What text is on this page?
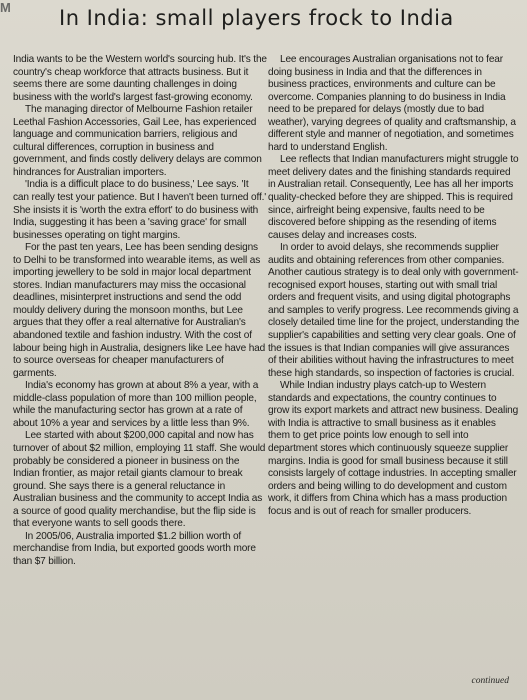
M In India: small players frock to India

India wants to be the Western world's sourcing hub. It's the country's cheap workforce that attracts business. But it seems there are some daunting challenges in doing business with the world's largest fast-growing economy.

The managing director of Melbourne Fashion retailer Leethal Fashion Accessories, Gail Lee, has experienced language and communication barriers, religious and cultural differences, corruption in business and government, and finds costly delivery delays are common hindrances for Australian importers.

'India is a difficult place to do business,' Lee says. 'It can really test your patience. But I haven't been turned off.' She insists it is 'worth the extra effort' to do business with India, suggesting it has been a 'saving grace' for small businesses operating on tight margins.

For the past ten years, Lee has been sending designs to Delhi to be transformed into wearable items, as well as importing jewellery to be sold in major local department stores. Indian manufacturers may miss the occasional deadlines, misinterpret instructions and send the odd mouldy delivery during the monsoon months, but Lee argues that they offer a real alternative for Australian's abandoned textile and fashion industry. With the cost of labour being high in Australia, designers like Lee have had to source overseas for cheaper manufacturers of garments.

India's economy has grown at about 8% a year, with a middle-class population of more than 100 million people, while the manufacturing sector has grown at a rate of about 10% a year and services by a little less than 9%.

Lee started with about $200,000 capital and now has turnover of about $2 million, employing 11 staff. She would probably be considered a pioneer in business on the Indian frontier, as major retail giants clamour to break ground. She says there is a general reluctance in Australian business and the community to accept India as a source of good quality merchandise, but the flip side is that everyone wants to sell goods there.

In 2005/06, Australia imported $1.2 billion worth of merchandise from India, but exported goods worth more than $7 billion.

Lee encourages Australian organisations not to fear doing business in India and that the differences in business practices, environments and culture can be overcome. Companies planning to do business in India need to be prepared for delays (mostly due to bad weather), varying degrees of quality and craftsmanship, a different style and manner of negotiation, and sometimes hard to understand English.

Lee reflects that Indian manufacturers might struggle to meet delivery dates and the finishing standards required in Australian retail. Consequently, Lee has all her imports quality-checked before they are shipped. This is required since, airfreight being expensive, faults need to be discovered before shipping as the resending of items causes delay and increases costs.

In order to avoid delays, she recommends supplier audits and obtaining references from other companies. Another cautious strategy is to deal only with government-recognised export houses, starting out with small trial orders and frequent visits, and using digital photographs and samples to verify progress. Lee recommends giving a closely detailed time line for the project, understanding the supplier's capabilities and setting very clear goals. One of the issues is that Indian companies will give assurances of their abilities without having the infrastructures to meet these high standards, so inspection of factories is crucial.

While Indian industry plays catch-up to Western standards and expectations, the country continues to grow its export markets and attract new business. Dealing with India is attractive to small business as it enables them to get price points low enough to sell into department stores which continuously squeeze supplier margins. India is good for small business because it still consists largely of cottage industries. In accepting smaller orders and being willing to do development and custom work, it differs from China which has a mass production focus and is out of reach for smaller producers.

continued
